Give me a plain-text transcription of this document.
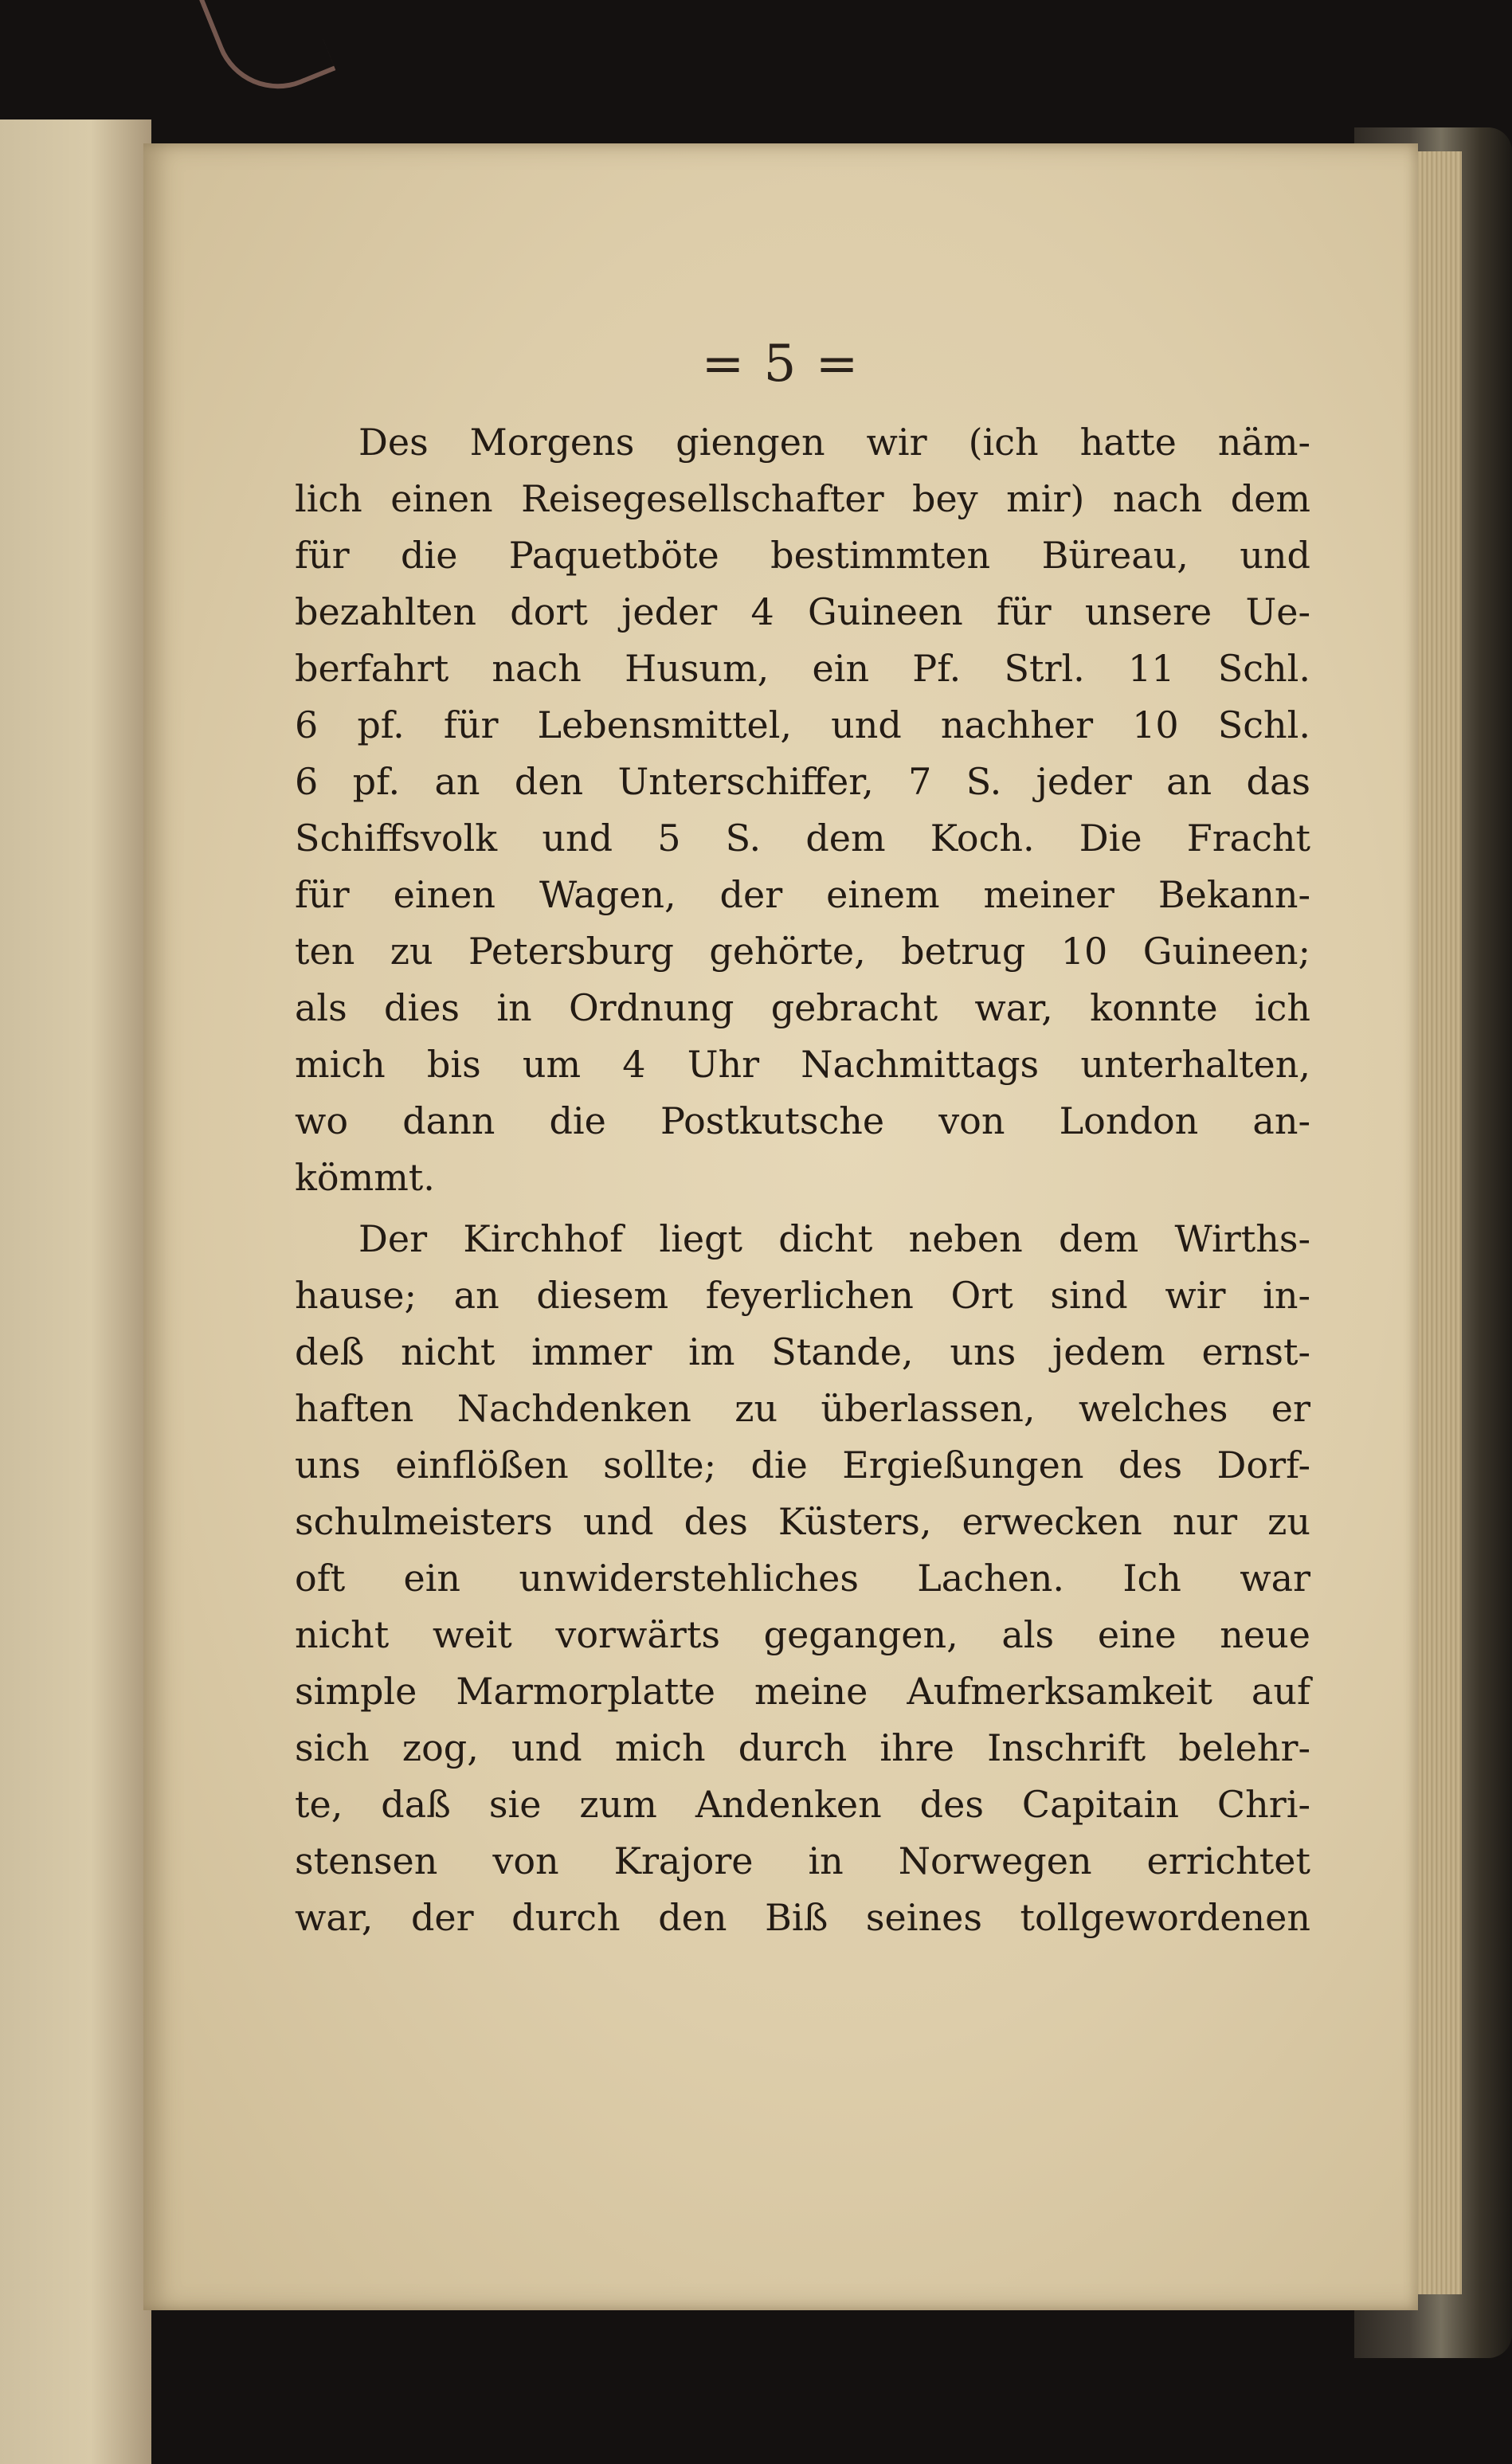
= 5 =
Des Morgens giengen wir (ich hatte näm-
lich einen Reisegesellschafter bey mir) nach dem
für die Paquetböte bestimmten Büreau, und
bezahlten dort jeder 4 Guineen für unsere Ue-
berfahrt nach Husum, ein Pf. Strl. 11 Schl.
6 pf. für Lebensmittel, und nachher 10 Schl.
6 pf. an den Unterschiffer, 7 S. jeder an das
Schiffsvolk und 5 S. dem Koch. Die Fracht
für einen Wagen, der einem meiner Bekann-
ten zu Petersburg gehörte, betrug 10 Guineen;
als dies in Ordnung gebracht war, konnte ich
mich bis um 4 Uhr Nachmittags unterhalten,
wo dann die Postkutsche von London an-
kömmt.
Der Kirchhof liegt dicht neben dem Wirths-
hause; an diesem feyerlichen Ort sind wir in-
deß nicht immer im Stande, uns jedem ernst-
haften Nachdenken zu überlassen, welches er
uns einflößen sollte; die Ergießungen des Dorf-
schulmeisters und des Küsters, erwecken nur zu
oft ein unwiderstehliches Lachen. Ich war
nicht weit vorwärts gegangen, als eine neue
simple Marmorplatte meine Aufmerksamkeit auf
sich zog, und mich durch ihre Inschrift belehr-
te, daß sie zum Andenken des Capitain Chri-
stensen von Krajore in Norwegen errichtet
war, der durch den Biß seines tollgewordenen
